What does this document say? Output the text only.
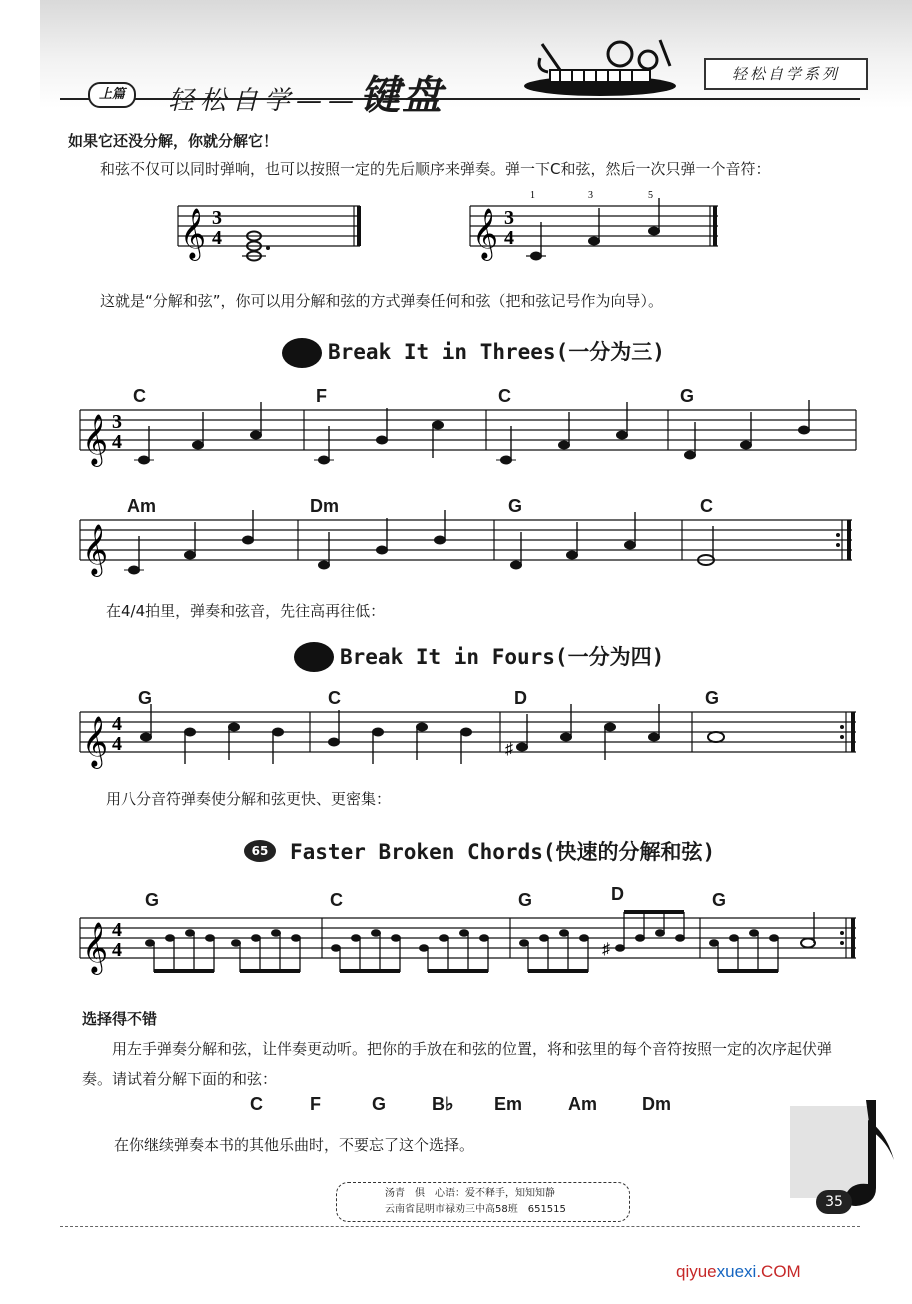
上篇	轻松自学——键盘	轻松自学系列
如果它还没分解，你就分解它！
和弦不仅可以同时弹响，也可以按照一定的先后顺序来弹奏。弹一下C和弦，然后一次只弹一个音符：
𝄞 3
4	𝄞 3
4
1	3	5
这就是“分解和弦”，你可以用分解和弦的方式弹奏任何和弦（把和弦记号作为向导）。
Break It in Threes(一分为三)
C	F	C	G
𝄞 3
4
Am	Dm	G	C
𝄞
在4/4拍里，弹奏和弦音，先往高再往低：
Break It in Fours(一分为四)
G	C	D	G
𝄞 4
4	♯
用八分音符弹奏使分解和弦更快、更密集：
65	Faster Broken Chords(快速的分解和弦)
G	C	G	D	G
𝄞 4
4	♯
选择得不错
用左手弹奏分解和弦，让伴奏更动听。把你的手放在和弦的位置，将和弦里的每个音符按照一定的次序起伏弹奏。请试着分解下面的和弦：
C	F	G	B♭ Em	Am Dm
在你继续弹奏本书的其他乐曲时，不要忘了这个选择。
汤青　俱　心语：爱不释手，知知知静
云南省昆明市禄劝三中高58班　651515	35
qiyuexuexi.COM
